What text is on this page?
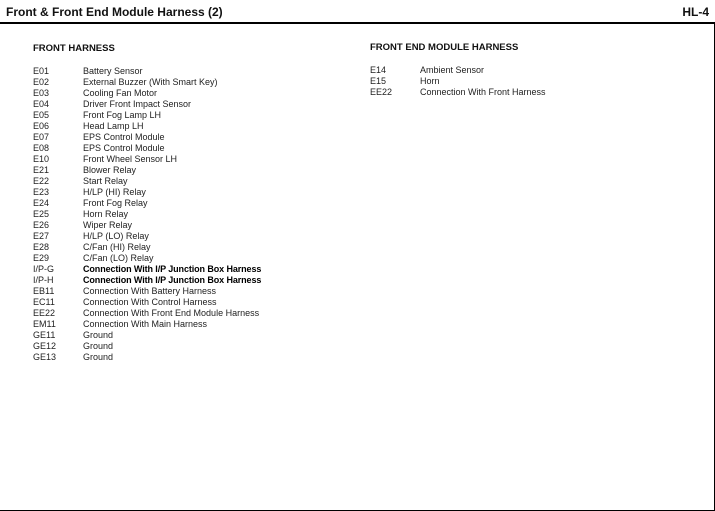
Front & Front End Module Harness (2)	HL-4
FRONT HARNESS
E01	Battery Sensor
E02	External Buzzer (With Smart Key)
E03	Cooling Fan Motor
E04	Driver Front Impact Sensor
E05	Front Fog Lamp LH
E06	Head Lamp LH
E07	EPS Control Module
E08	EPS Control Module
E10	Front Wheel Sensor LH
E21	Blower Relay
E22	Start Relay
E23	H/LP (HI) Relay
E24	Front Fog Relay
E25	Horn Relay
E26	Wiper Relay
E27	H/LP (LO) Relay
E28	C/Fan (HI) Relay
E29	C/Fan (LO) Relay
I/P-G	Connection With I/P Junction Box Harness
I/P-H	Connection With I/P Junction Box Harness
EB11	Connection With Battery Harness
EC11	Connection With Control Harness
EE22	Connection With Front End Module Harness
EM11	Connection With Main Harness
GE11	Ground
GE12	Ground
GE13	Ground
FRONT END MODULE HARNESS
E14	Ambient Sensor
E15	Horn
EE22	Connection With Front Harness
